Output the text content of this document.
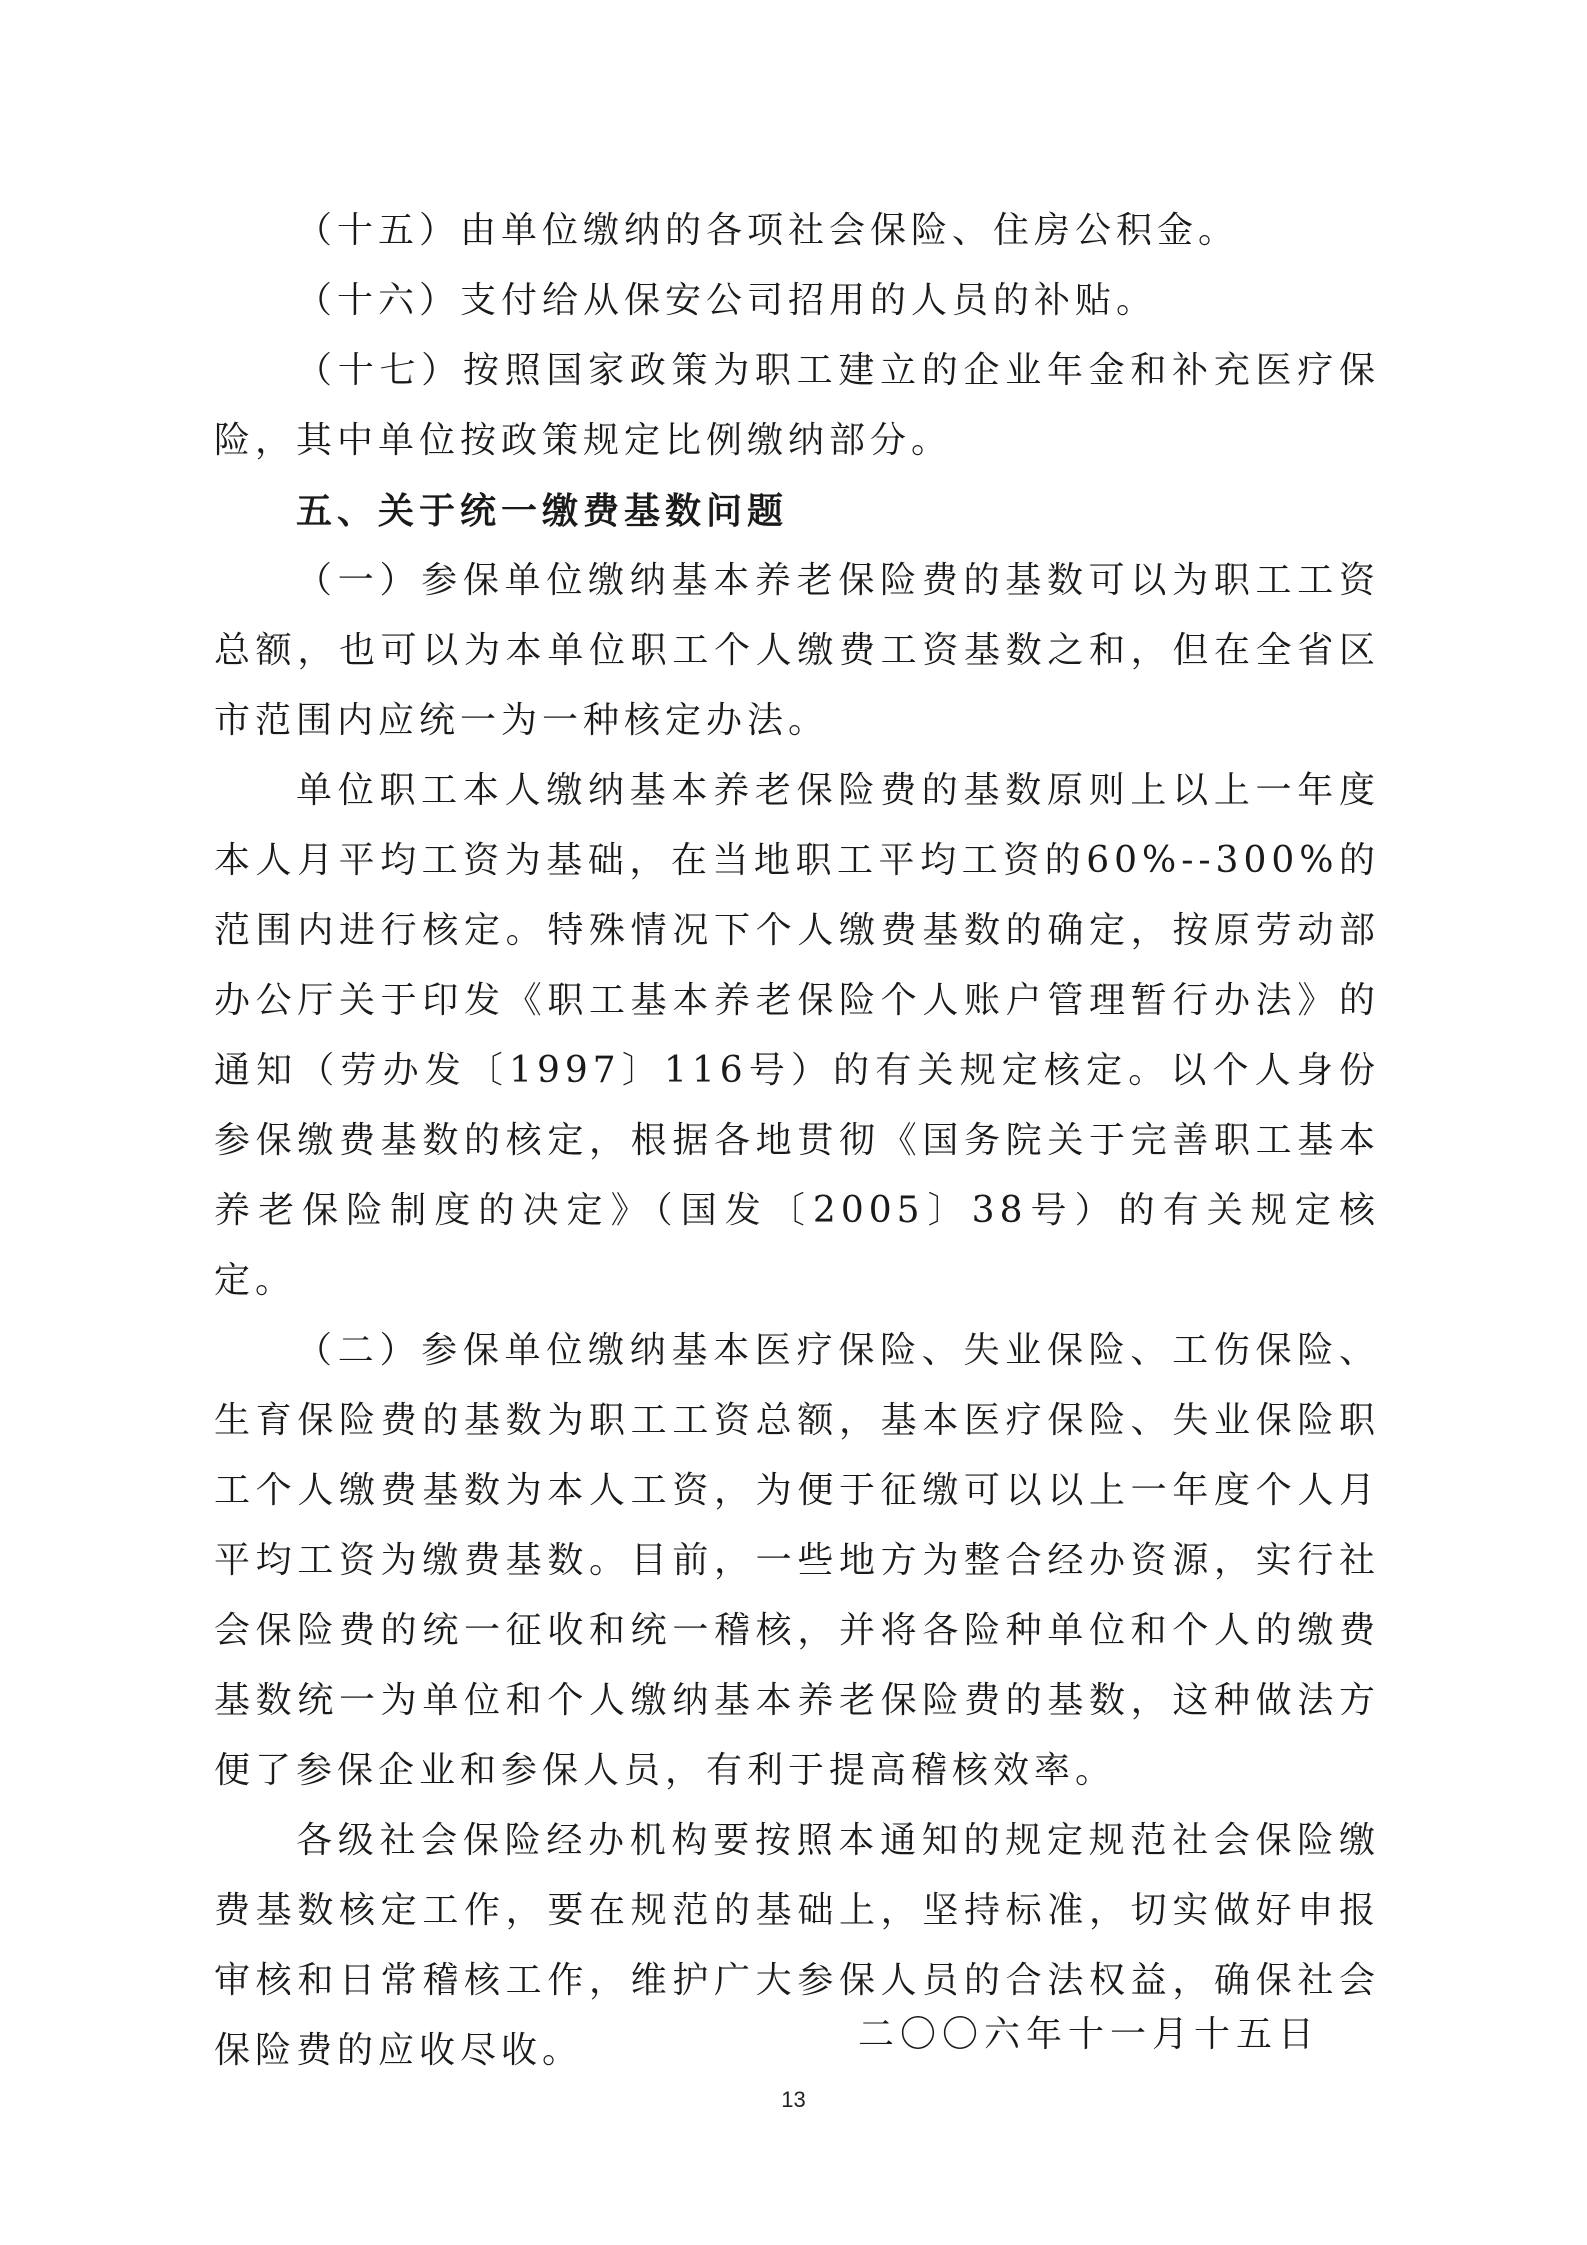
（十五）由单位缴纳的各项社会保险、住房公积金。

（十六）支付给从保安公司招用的人员的补贴。

（十七）按照国家政策为职工建立的企业年金和补充医疗保险，其中单位按政策规定比例缴纳部分。

五、关于统一缴费基数问题

（一）参保单位缴纳基本养老保险费的基数可以为职工工资总额，也可以为本单位职工个人缴费工资基数之和，但在全省区市范围内应统一为一种核定办法。

单位职工本人缴纳基本养老保险费的基数原则上以上一年度本人月平均工资为基础，在当地职工平均工资的60%--300%的范围内进行核定。特殊情况下个人缴费基数的确定，按原劳动部办公厅关于印发《职工基本养老保险个人账户管理暂行办法》的通知（劳办发〔1997〕116号）的有关规定核定。以个人身份参保缴费基数的核定，根据各地贯彻《国务院关于完善职工基本养老保险制度的决定》（国发〔2005〕38号）的有关规定核定。

（二）参保单位缴纳基本医疗保险、失业保险、工伤保险、生育保险费的基数为职工工资总额，基本医疗保险、失业保险职工个人缴费基数为本人工资，为便于征缴可以以上一年度个人月平均工资为缴费基数。目前，一些地方为整合经办资源，实行社会保险费的统一征收和统一稽核，并将各险种单位和个人的缴费基数统一为单位和个人缴纳基本养老保险费的基数，这种做法方便了参保企业和参保人员，有利于提高稽核效率。

各级社会保险经办机构要按照本通知的规定规范社会保险缴费基数核定工作，要在规范的基础上，坚持标准，切实做好申报审核和日常稽核工作，维护广大参保人员的合法权益，确保社会保险费的应收尽收。	二〇〇六年十一月十五日
13
